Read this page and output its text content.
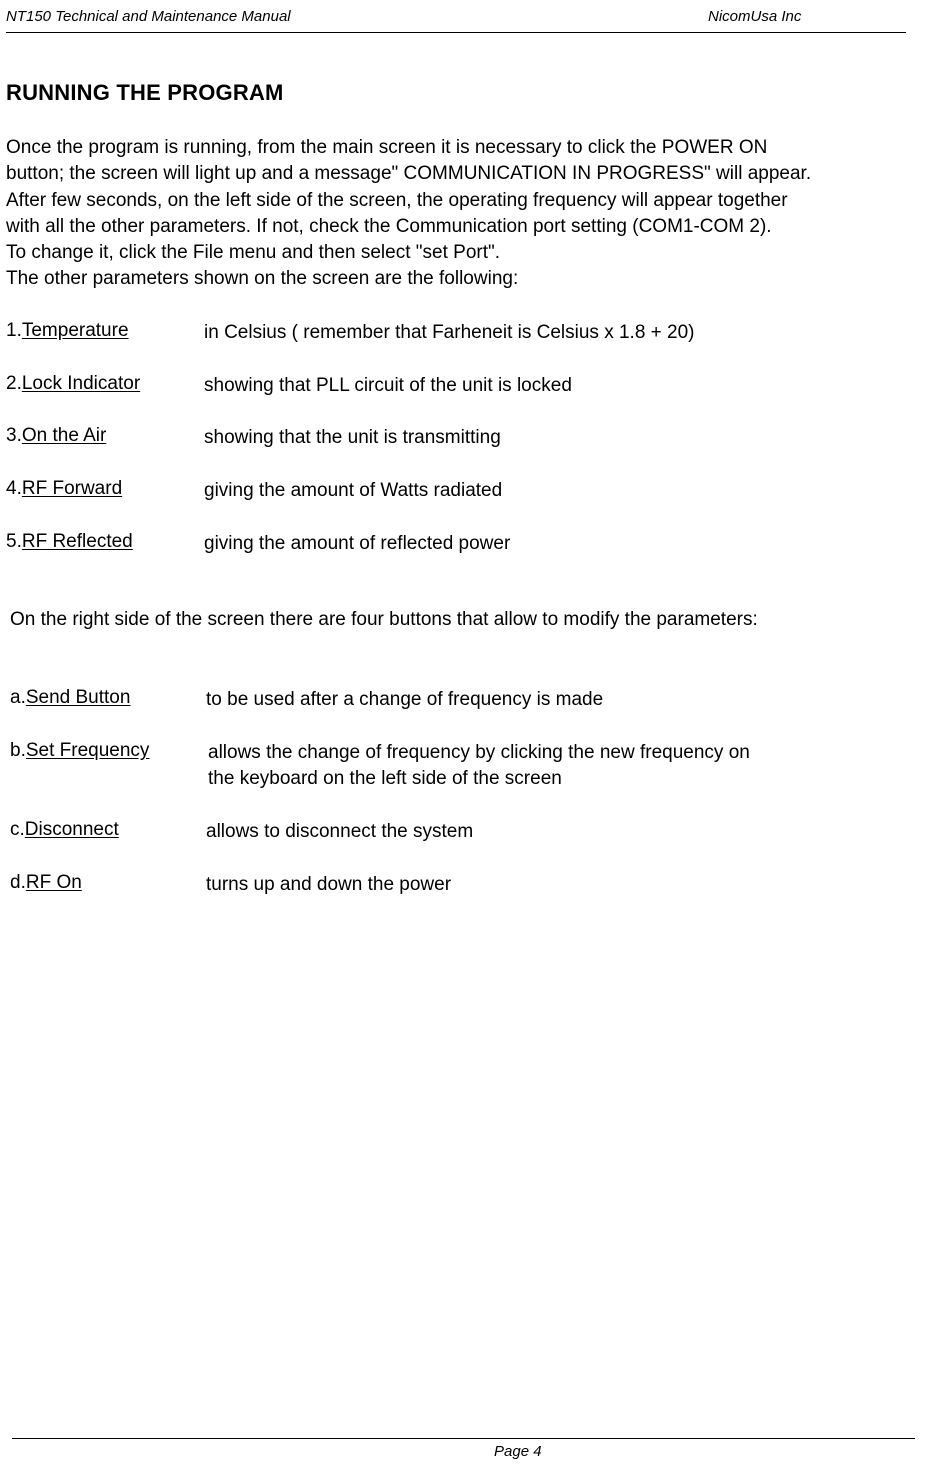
NT150 Technical and Maintenance Manual	NicomUsa Inc
RUNNING THE PROGRAM
Once the program is running, from the main screen it is necessary to click the POWER ON
button; the screen will light up and a message" COMMUNICATION IN PROGRESS" will appear.
After few seconds, on the left side of the screen, the operating frequency will appear together
with all the other parameters. If not, check the Communication port setting (COM1-COM 2).
To change it, click the File menu and then select "set Port".
The other parameters shown on the screen are the following:
1.Temperature	in Celsius ( remember that Farheneit is Celsius x 1.8 + 20)
2.Lock Indicator	showing that PLL circuit of the unit is locked
3.On the Air	showing that the unit is transmitting
4.RF Forward	giving the amount of Watts radiated
5.RF Reflected	giving the amount of reflected power
On the right side of the screen there are four buttons that allow to modify the parameters:
a.Send Button	to be used after a change of frequency is made
b.Set Frequency	allows the change of frequency by clicking the new frequency on
the keyboard on the left side of the screen
c.Disconnect	allows to disconnect the system
d.RF On	turns up and down the power
Page 4
